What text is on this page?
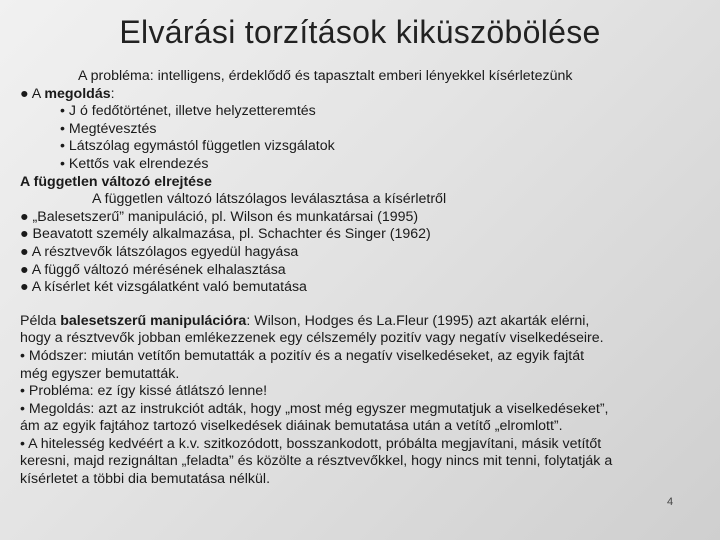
Elvárási torzítások kiküszöbölése
A probléma: intelligens, érdeklődő és tapasztalt emberi lényekkel kísérletezünk
● A megoldás:
• J ó fedőtörténet, illetve helyzetteremtés
• Megtévesztés
• Látszólag egymástól független vizsgálatok
• Kettős vak elrendezés
A független változó elrejtése
A független változó látszólagos leválasztása a kísérletről
● „Balesetszerű” manipuláció, pl. Wilson és munkatársai (1995)
● Beavatott személy alkalmazása, pl. Schachter és Singer (1962)
● A résztvevők látszólagos egyedül hagyása
● A függő változó mérésének elhalasztása
● A kísérlet két vizsgálatként való bemutatása
Példa balesetszerű manipulációra: Wilson, Hodges és La.Fleur (1995) azt akarták elérni,
hogy a résztvevők jobban emlékezzenek egy célszemély pozitív vagy negatív viselkedéseire.
• Módszer: miután vetítőn bemutatták a pozitív és a negatív viselkedéseket, az egyik fajtát
még egyszer bemutatták.
• Probléma: ez így kissé átlátszó lenne!
• Megoldás: azt az instrukciót adták, hogy „most még egyszer megmutatjuk a viselkedéseket”,
ám az egyik fajtához tartozó viselkedések diáinak bemutatása után a vetítő „elromlott”.
• A hitelesség kedvéért a k.v. szitkozódott, bosszankodott, próbálta megjavítani, másik vetítőt
keresni, majd rezignáltan „feladta” és közölte a résztvevőkkel, hogy nincs mit tenni, folytatják a
kísérletet a többi dia bemutatása nélkül.
4
